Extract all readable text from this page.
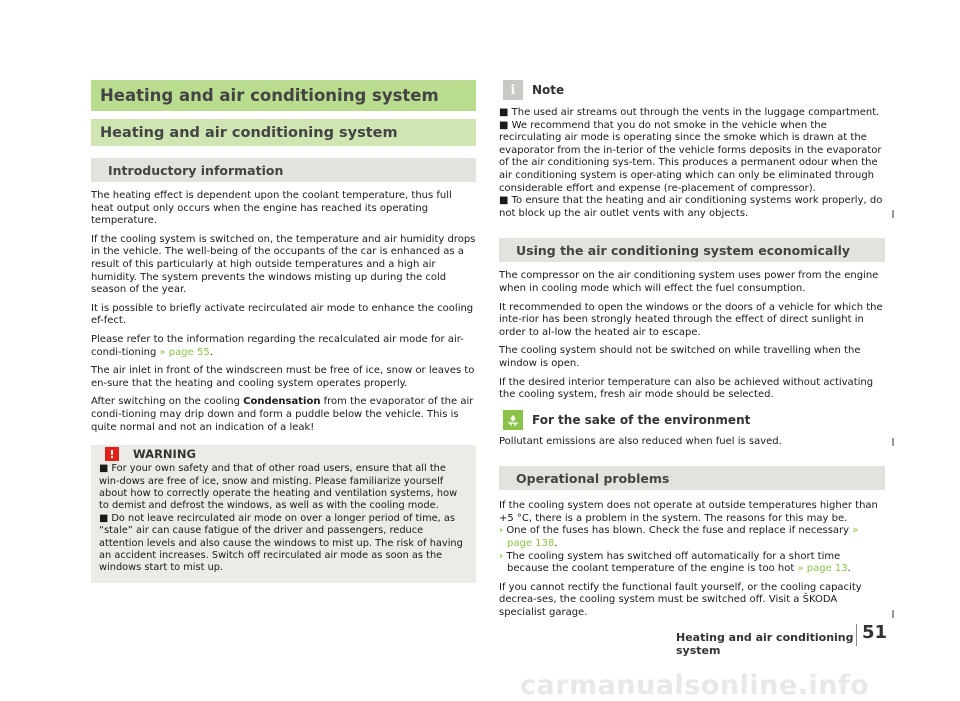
Heating and air conditioning system
Heating and air conditioning system
Introductory information

The heating effect is dependent upon the coolant temperature, thus full heat output only occurs when the engine has reached its operating temperature.

If the cooling system is switched on, the temperature and air humidity drops in the vehicle. The well-being of the occupants of the car is enhanced as a result of this particularly at high outside temperatures and a high air humidity. The system prevents the windows misting up during the cold season of the year.

It is possible to briefly activate recirculated air mode to enhance the cooling ef-fect.

Please refer to the information regarding the recalculated air mode for air-condi-tioning » page 55.

The air inlet in front of the windscreen must be free of ice, snow or leaves to en-sure that the heating and cooling system operates properly.

After switching on the cooling Condensation from the evaporator of the air condi-tioning may drip down and form a puddle below the vehicle. This is quite normal and not an indication of a leak!

!	WARNING

■ For your own safety and that of other road users, ensure that all the win-dows are free of ice, snow and misting. Please familiarize yourself about how to correctly operate the heating and ventilation systems, how to demist and defrost the windows, as well as with the cooling mode.

■ Do not leave recirculated air mode on over a longer period of time, as “stale” air can cause fatigue of the driver and passengers, reduce attention levels and also cause the windows to mist up. The risk of having an accident increases. Switch off recirculated air mode as soon as the windows start to mist up.

i	Note

■ The used air streams out through the vents in the luggage compartment.

■ We recommend that you do not smoke in the vehicle when the recirculating air mode is operating since the smoke which is drawn at the evaporator from the in-terior of the vehicle forms deposits in the evaporator of the air conditioning sys-tem. This produces a permanent odour when the air conditioning system is oper-ating which can only be eliminated through considerable effort and expense (re-placement of compressor).

■ To ensure that the heating and air conditioning systems work properly, do not block up the air outlet vents with any objects.

Using the air conditioning system economically

The compressor on the air conditioning system uses power from the engine when in cooling mode which will effect the fuel consumption.

It recommended to open the windows or the doors of a vehicle for which the inte-rior has been strongly heated through the effect of direct sunlight in order to al-low the heated air to escape.

The cooling system should not be switched on while travelling when the window is open.

If the desired interior temperature can also be achieved without activating the cooling system, fresh air mode should be selected.

For the sake of the environment

Pollutant emissions are also reduced when fuel is saved.

Operational problems

If the cooling system does not operate at outside temperatures higher than +5 °C, there is a problem in the system. The reasons for this may be.

› One of the fuses has blown. Check the fuse and replace if necessary » page 138.

› The cooling system has switched off automatically for a short time because the coolant temperature of the engine is too hot » page 13.

If you cannot rectify the functional fault yourself, or the cooling capacity decrea-ses, the cooling system must be switched off. Visit a ŠKODA specialist garage.

Heating and air conditioning system
51
carmanualsonline.info
